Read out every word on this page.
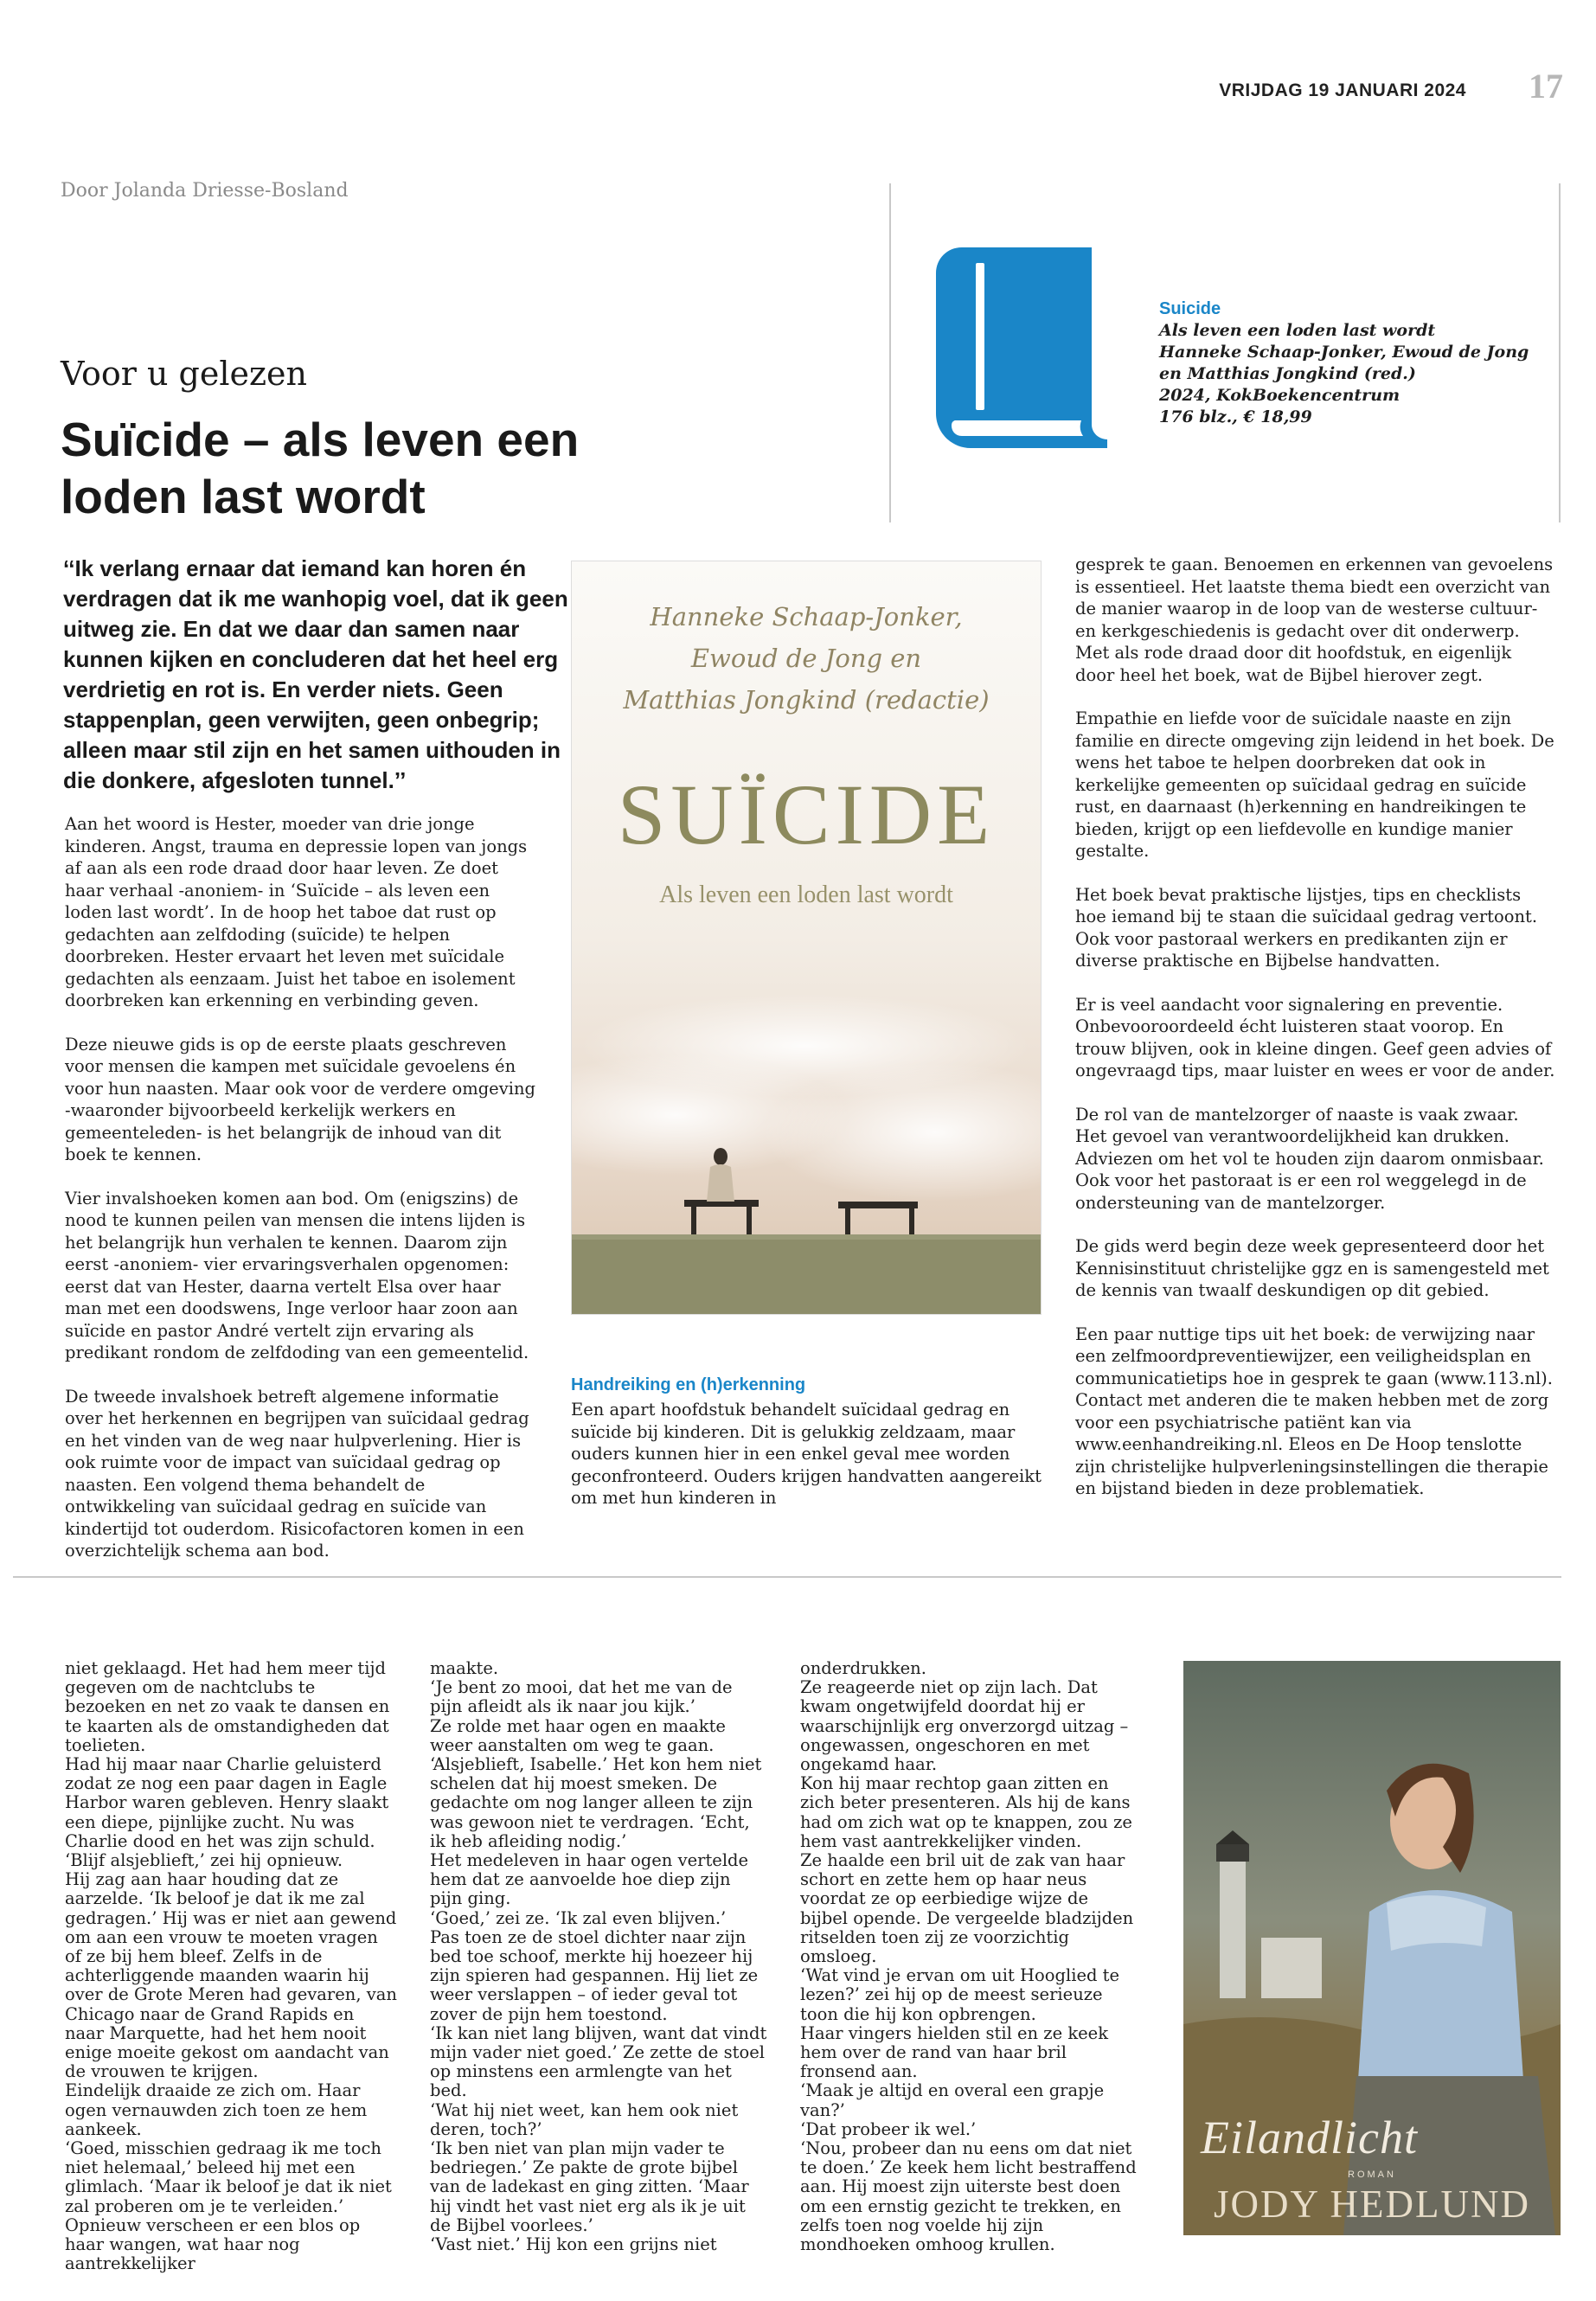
VRIJDAG 19 JANUARI 2024 17
Door Jolanda Driesse-Bosland
Voor u gelezen
Suïcide – als leven een loden last wordt
Suicide
Als leven een loden last wordt
Hanneke Schaap-Jonker, Ewoud de Jong
en Matthias Jongkind (red.)
2024, KokBoekencentrum
176 blz., € 18,99
‘‘Ik verlang ernaar dat iemand kan horen én verdragen dat ik me wanhopig voel, dat ik geen uitweg zie. En dat we daar dan samen naar kunnen kijken en concluderen dat het heel erg verdrietig en rot is. En verder niets. Geen stappenplan, geen verwijten, geen onbegrip; alleen maar stil zijn en het samen uithouden in die donkere, afgesloten tunnel.’’

Aan het woord is Hester, moeder van drie jonge kinderen. Angst, trauma en depressie lopen van jongs af aan als een rode draad door haar leven. Ze doet haar verhaal -anoniem- in ‘Suïcide – als leven een loden last wordt’. In de hoop het taboe dat rust op gedachten aan zelfdoding (suïcide) te helpen doorbreken. Hester ervaart het leven met suïcidale gedachten als eenzaam. Juist het taboe en isolement doorbreken kan erkenning en verbinding geven.

Deze nieuwe gids is op de eerste plaats geschreven voor mensen die kampen met suïcidale gevoelens én voor hun naasten. Maar ook voor de verdere omgeving -waaronder bijvoorbeeld kerkelijk werkers en gemeenteleden- is het belangrijk de inhoud van dit boek te kennen.

Vier invalshoeken komen aan bod. Om (enigszins) de nood te kunnen peilen van mensen die intens lijden is het belangrijk hun verhalen te kennen. Daarom zijn eerst -anoniem- vier ervaringsverhalen opgenomen: eerst dat van Hester, daarna vertelt Elsa over haar man met een doodswens, Inge verloor haar zoon aan suïcide en pastor André vertelt zijn ervaring als predikant rondom de zelfdoding van een gemeentelid.

De tweede invalshoek betreft algemene informatie over het herkennen en begrijpen van suïcidaal gedrag en het vinden van de weg naar hulpverlening. Hier is ook ruimte voor de impact van suïcidaal gedrag op naasten. Een volgend thema behandelt de ontwikkeling van suïcidaal gedrag en suïcide van kindertijd tot ouderdom. Risicofactoren komen in een overzichtelijk schema aan bod.

Hanneke Schaap-Jonker,
Ewoud de Jong en
Matthias Jongkind (redactie)
SUÏCIDE
Als leven een loden last wordt
Handreiking en (h)erkenning

Een apart hoofdstuk behandelt suïcidaal gedrag en suïcide bij kinderen. Dit is gelukkig zeldzaam, maar ouders kunnen hier in een enkel geval mee worden geconfronteerd. Ouders krijgen handvatten aangereikt om met hun kinderen in

gesprek te gaan. Benoemen en erkennen van gevoelens is essentieel. Het laatste thema biedt een overzicht van de manier waarop in de loop van de westerse cultuur- en kerkgeschiedenis is gedacht over dit onderwerp. Met als rode draad door dit hoofdstuk, en eigenlijk door heel het boek, wat de Bijbel hierover zegt.

Empathie en liefde voor de suïcidale naaste en zijn familie en directe omgeving zijn leidend in het boek. De wens het taboe te helpen doorbreken dat ook in kerkelijke gemeenten op suïcidaal gedrag en suïcide rust, en daarnaast (h)erkenning en handreikingen te bieden, krijgt op een liefdevolle en kundige manier gestalte.

Het boek bevat praktische lijstjes, tips en checklists hoe iemand bij te staan die suïcidaal gedrag vertoont. Ook voor pastoraal werkers en predikanten zijn er diverse praktische en Bijbelse handvatten.

Er is veel aandacht voor signalering en preventie. Onbevooroordeeld écht luisteren staat voorop. En trouw blijven, ook in kleine dingen. Geef geen advies of ongevraagd tips, maar luister en wees er voor de ander.

De rol van de mantelzorger of naaste is vaak zwaar. Het gevoel van verantwoordelijkheid kan drukken. Adviezen om het vol te houden zijn daarom onmisbaar. Ook voor het pastoraat is er een rol weggelegd in de ondersteuning van de mantelzorger.

De gids werd begin deze week gepresenteerd door het Kennisinstituut christelijke ggz en is samengesteld met de kennis van twaalf deskundigen op dit gebied.

Een paar nuttige tips uit het boek: de verwijzing naar een zelfmoordpreventiewijzer, een veiligheidsplan en communicatietips hoe in gesprek te gaan (www.113.nl). Contact met anderen die te maken hebben met de zorg voor een psychiatrische patiënt kan via www.eenhandreiking.nl. Eleos en De Hoop tenslotte zijn christelijke hulpverleningsinstellingen die therapie en bijstand bieden in deze problematiek.

niet geklaagd. Het had hem meer tijd gegeven om de nachtclubs te bezoeken en net zo vaak te dansen en te kaarten als de omstandigheden dat toelieten.

Had hij maar naar Charlie geluisterd zodat ze nog een paar dagen in Eagle Harbor waren gebleven. Henry slaakt een diepe, pijnlijke zucht. Nu was Charlie dood en het was zijn schuld.

‘Blijf alsjeblieft,’ zei hij opnieuw.

Hij zag aan haar houding dat ze aarzelde. ‘Ik beloof je dat ik me zal gedragen.’ Hij was er niet aan gewend om aan een vrouw te moeten vragen of ze bij hem bleef. Zelfs in de achterliggende maanden waarin hij over de Grote Meren had gevaren, van Chicago naar de Grand Rapids en naar Marquette, had het hem nooit enige moeite gekost om aandacht van de vrouwen te krijgen.

Eindelijk draaide ze zich om. Haar ogen vernauwden zich toen ze hem aankeek.

‘Goed, misschien gedraag ik me toch niet helemaal,’ beleed hij met een glimlach. ‘Maar ik beloof je dat ik niet zal proberen om je te verleiden.’

Opnieuw verscheen er een blos op haar wangen, wat haar nog aantrekkelijker

maakte.

‘Je bent zo mooi, dat het me van de pijn afleidt als ik naar jou kijk.’

Ze rolde met haar ogen en maakte weer aanstalten om weg te gaan.

‘Alsjeblieft, Isabelle.’ Het kon hem niet schelen dat hij moest smeken. De gedachte om nog langer alleen te zijn was gewoon niet te verdragen. ‘Echt, ik heb afleiding nodig.’

Het medeleven in haar ogen vertelde hem dat ze aanvoelde hoe diep zijn pijn ging.

‘Goed,’ zei ze. ‘Ik zal even blijven.’

Pas toen ze de stoel dichter naar zijn bed toe schoof, merkte hij hoezeer hij zijn spieren had gespannen. Hij liet ze weer verslappen – of ieder geval tot zover de pijn hem toestond.

‘Ik kan niet lang blijven, want dat vindt mijn vader niet goed.’ Ze zette de stoel op minstens een armlengte van het bed.

‘Wat hij niet weet, kan hem ook niet deren, toch?’

‘Ik ben niet van plan mijn vader te bedriegen.’ Ze pakte de grote bijbel van de ladekast en ging zitten. ‘Maar hij vindt het vast niet erg als ik je uit de Bijbel voorlees.’

‘Vast niet.’ Hij kon een grijns niet

onderdrukken.

Ze reageerde niet op zijn lach. Dat kwam ongetwijfeld doordat hij er waarschijnlijk erg onverzorgd uitzag – ongewassen, ongeschoren en met ongekamd haar.

Kon hij maar rechtop gaan zitten en zich beter presenteren. Als hij de kans had om zich wat op te knappen, zou ze hem vast aantrekkelijker vinden.

Ze haalde een bril uit de zak van haar schort en zette hem op haar neus voordat ze op eerbiedige wijze de bijbel opende. De vergeelde bladzijden ritselden toen zij ze voorzichtig omsloeg.

‘Wat vind je ervan om uit Hooglied te lezen?’ zei hij op de meest serieuze toon die hij kon opbrengen.

Haar vingers hielden stil en ze keek hem over de rand van haar bril fronsend aan.

‘Maak je altijd en overal een grapje van?’

‘Dat probeer ik wel.’

‘Nou, probeer dan nu eens om dat niet te doen.’ Ze keek hem licht bestraffend aan. Hij moest zijn uiterste best doen om een ernstig gezicht te trekken, en zelfs toen nog voelde hij zijn mondhoeken omhoog krullen.

Eilandlicht
ROMAN
JODY HEDLUND
